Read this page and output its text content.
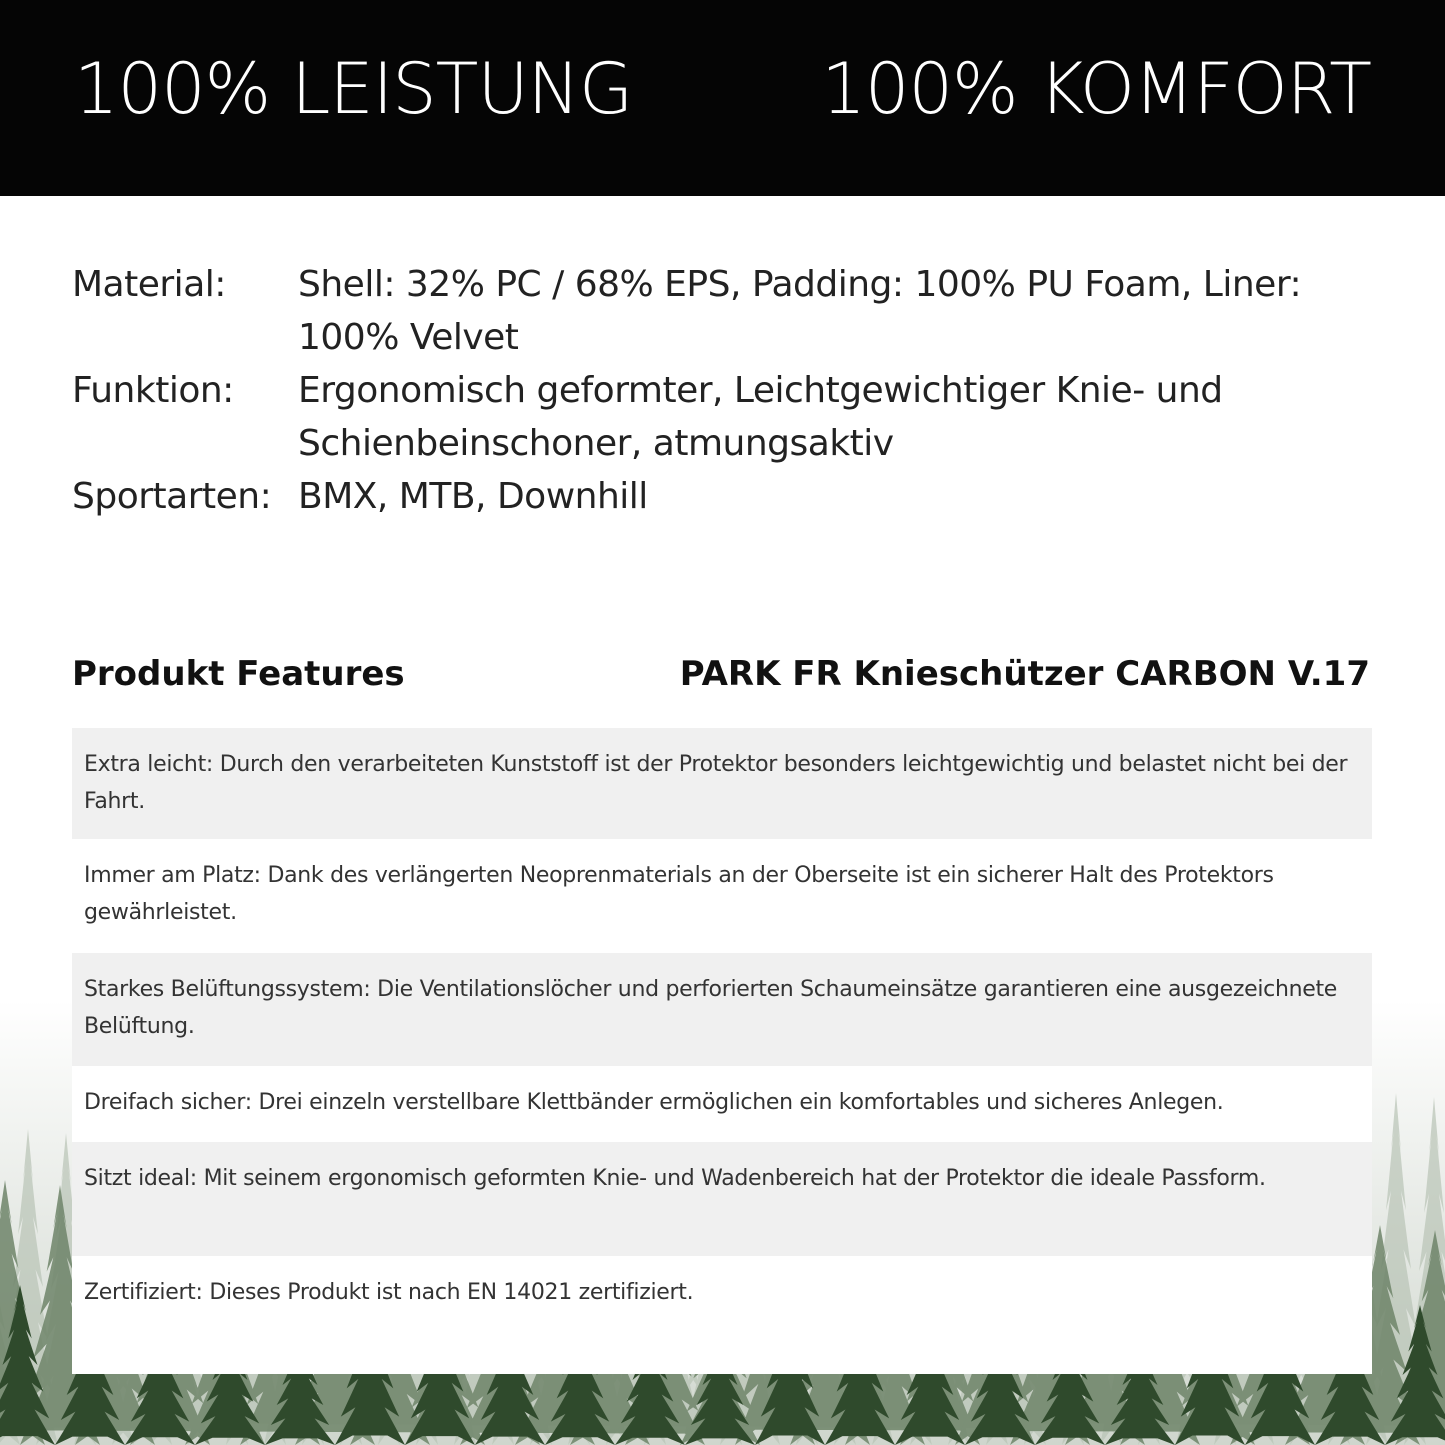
100% LEISTUNG	100% KOMFORT
Material:	Shell: 32% PC / 68% EPS, Padding: 100% PU Foam, Liner: 100% Velvet
Funktion:	Ergonomisch geformter, Leichtgewichtiger Knie- und Schienbeinschoner, atmungsaktiv
Sportarten: BMX, MTB, Downhill
Produkt Features	PARK FR Knieschützer CARBON V.17
Extra leicht: Durch den verarbeiteten Kunststoff ist der Protektor besonders leichtgewichtig und belastet nicht bei der Fahrt.
Immer am Platz: Dank des verlängerten Neoprenmaterials an der Oberseite ist ein sicherer Halt des Protektors gewährleistet.
Starkes Belüftungssystem: Die Ventilationslöcher und perforierten Schaumeinsätze garantieren eine ausgezeichnete Belüftung.
Dreifach sicher: Drei einzeln verstellbare Klettbänder ermöglichen ein komfortables und sicheres Anlegen.
Sitzt ideal: Mit seinem ergonomisch geformten Knie- und Wadenbereich hat der Protektor die ideale Passform.
Zertifiziert: Dieses Produkt ist nach EN 14021 zertifiziert.
